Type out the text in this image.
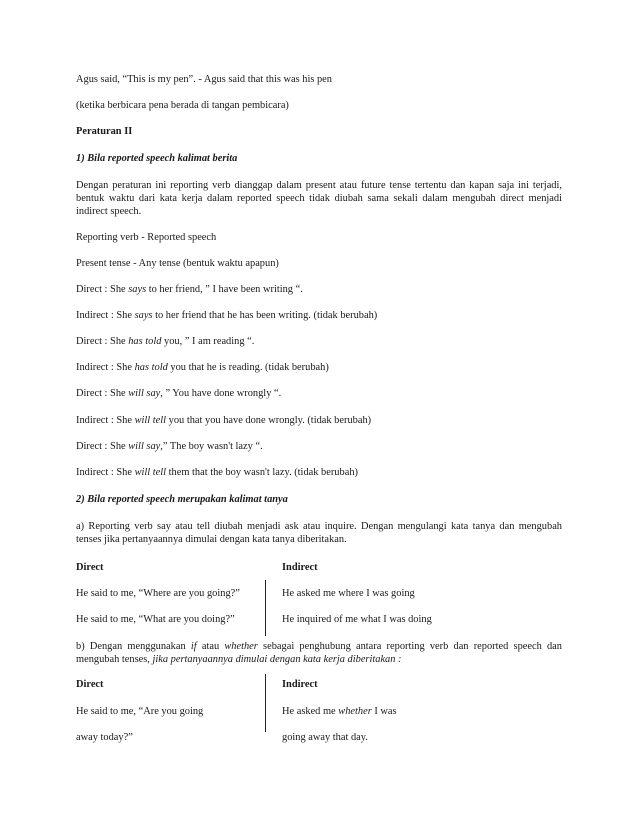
Agus said, “This is my pen”. - Agus said that this was his pen
(ketika berbicara pena berada di tangan pembicara)
Peraturan II
1) Bila reported speech kalimat berita
Dengan peraturan ini reporting verb dianggap dalam present atau future tense tertentu dan kapan saja ini terjadi, bentuk waktu dari kata kerja dalam reported speech tidak diubah sama sekali dalam mengubah direct menjadi indirect speech.
Reporting verb - Reported speech
Present tense - Any tense (bentuk waktu apapun)
Direct : She says to her friend, ” I have been writing “.
Indirect : She says to her friend that he has been writing. (tidak berubah)
Direct : She has told you, ” I am reading “.
Indirect : She has told you that he is reading. (tidak berubah)
Direct : She will say, ” You have done wrongly “.
Indirect : She will tell you that you have done wrongly. (tidak berubah)
Direct : She will say,” The boy wasn't lazy “.
Indirect : She will tell them that the boy wasn't lazy. (tidak berubah)
2) Bila reported speech merupakan kalimat tanya
a) Reporting verb say atau tell diubah menjadi ask atau inquire. Dengan mengulangi kata tanya dan mengubah tenses jika pertanyaannya dimulai dengan kata tanya diberitakan.
Direct	Indirect
He said to me, “Where are you going?”	He asked me where I was going
He said to me, “What are you doing?”	He inquired of me what I was doing
b) Dengan menggunakan if atau whether sebagai penghubung antara reporting verb dan reported speech dan mengubah tenses, jika pertanyaannya dimulai dengan kata kerja diberitakan :
Direct	Indirect
He said to me, “Are you going	He asked me whether I was
away today?”	going away that day.
